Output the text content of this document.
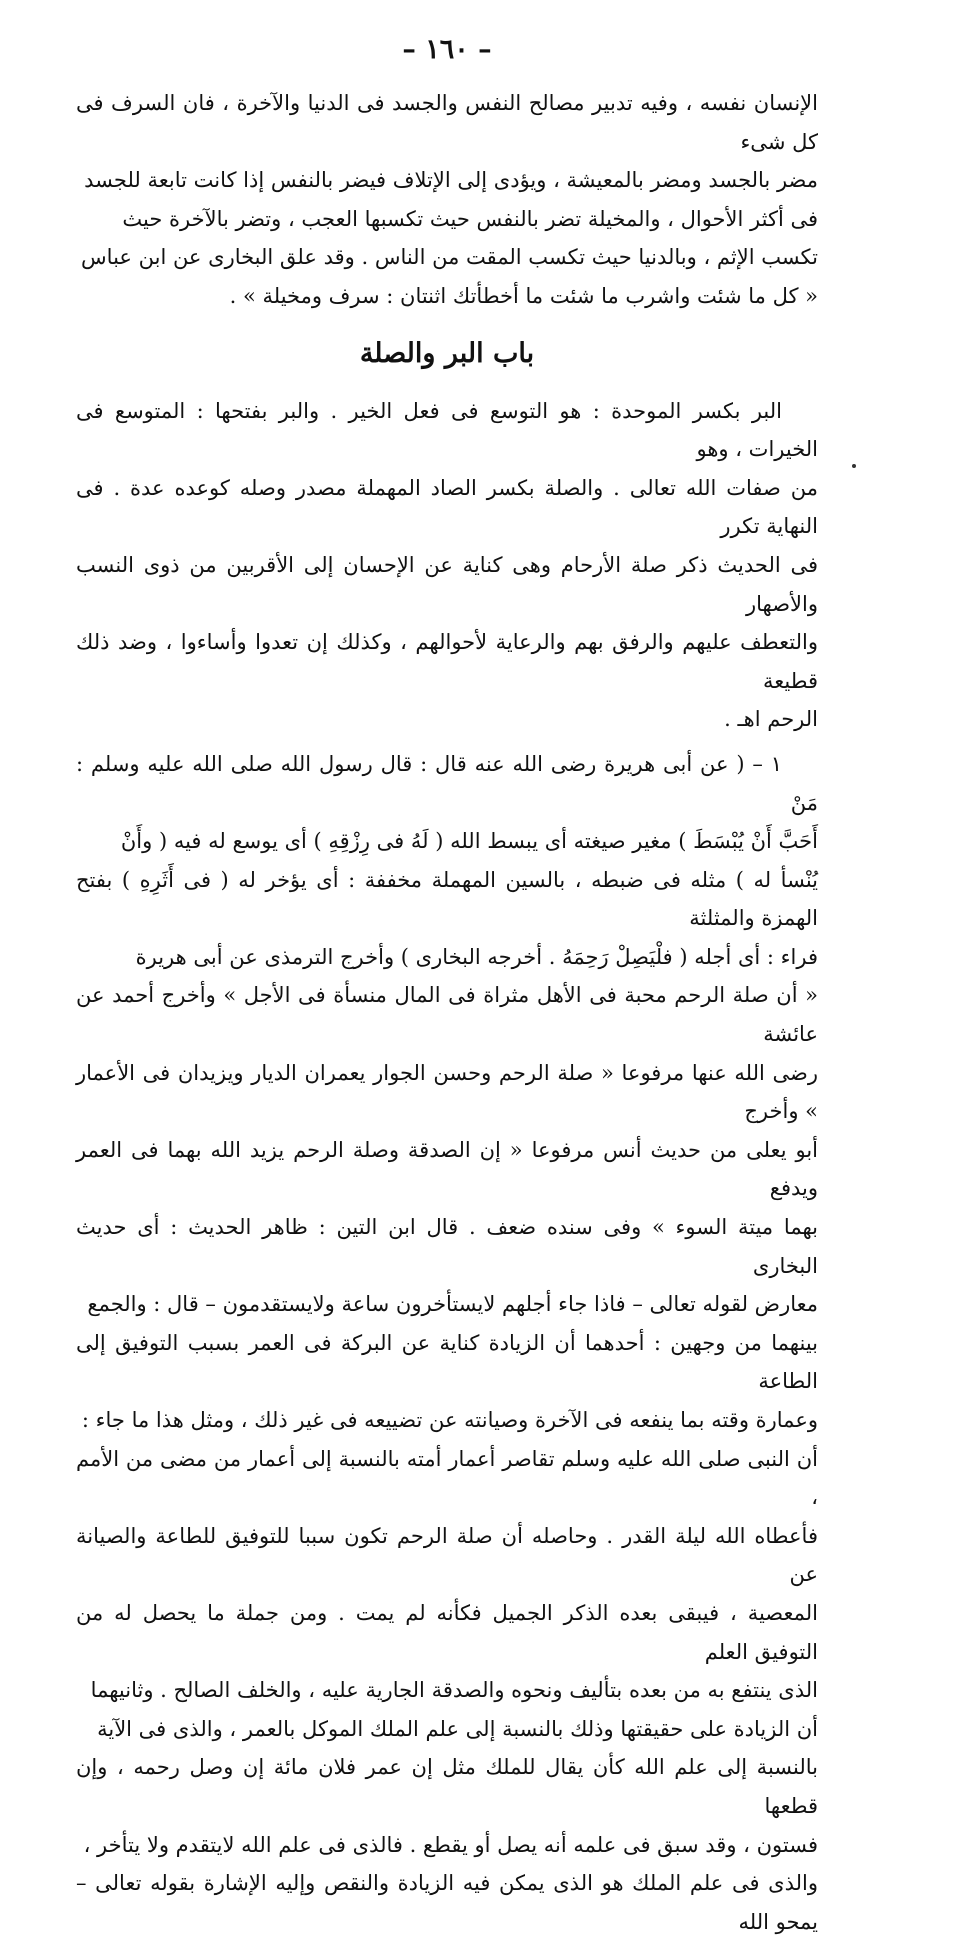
– ١٦٠ –

الإنسان نفسه ، وفيه تدبير مصالح النفس والجسد فى الدنيا والآخرة ، فان السرف فى كل شىء

مضر بالجسد ومضر بالمعيشة ، ويؤدى إلى الإتلاف فيضر بالنفس إذا كانت تابعة للجسد

فى أكثر الأحوال ، والمخيلة تضر بالنفس حيث تكسبها العجب ، وتضر بالآخرة حيث

تكسب الإثم ، وبالدنيا حيث تكسب المقت من الناس . وقد علق البخارى عن ابن عباس

« كل ما شئت واشرب ما شئت ما أخطأتك اثنتان : سرف ومخيلة » .

باب البر والصلة

البر بكسر الموحدة : هو التوسع فى فعل الخير . والبر بفتحها : المتوسع فى الخيرات ، وهو

من صفات الله تعالى . والصلة بكسر الصاد المهملة مصدر وصله كوعده عدة . فى النهاية تكرر

فى الحديث ذكر صلة الأرحام وهى كناية عن الإحسان إلى الأقربين من ذوى النسب والأصهار

والتعطف عليهم والرفق بهم والرعاية لأحوالهم ، وكذلك إن تعدوا وأساءوا ، وضد ذلك قطيعة

الرحم اهـ .

١ – ( عن أبى هريرة رضى الله عنه قال : قال رسول الله صلى الله عليه وسلم : مَنْ

أَحَبَّ أَنْ يُبْسَطَ ) مغير صيغته أى يبسط الله ( لَهُ فى رِزْقِهِ ) أى يوسع له فيه ( وأَنْ

يُنْسأ له ) مثله فى ضبطه ، بالسين المهملة مخففة : أى يؤخر له ( فى أَثَرِهِ ) بفتح الهمزة والمثلثة

فراء : أى أجله ( فلْيَصِلْ رَحِمَهُ . أخرجه البخارى ) وأخرج الترمذى عن أبى هريرة

« أن صلة الرحم محبة فى الأهل مثراة فى المال منسأة فى الأجل » وأخرج أحمد عن عائشة

رضى الله عنها مرفوعا « صلة الرحم وحسن الجوار يعمران الديار ويزيدان فى الأعمار » وأخرج

أبو يعلى من حديث أنس مرفوعا « إن الصدقة وصلة الرحم يزيد الله بهما فى العمر ويدفع

بهما ميتة السوء » وفى سنده ضعف . قال ابن التين : ظاهر الحديث : أى حديث البخارى

معارض لقوله تعالى – فاذا جاء أجلهم لايستأخرون ساعة ولايستقدمون – قال : والجمع

بينهما من وجهين : أحدهما أن الزيادة كناية عن البركة فى العمر بسبب التوفيق إلى الطاعة

وعمارة وقته بما ينفعه فى الآخرة وصيانته عن تضييعه فى غير ذلك ، ومثل هذا ما جاء :

أن النبى صلى الله عليه وسلم تقاصر أعمار أمته بالنسبة إلى أعمار من مضى من الأمم ،

فأعطاه الله ليلة القدر . وحاصله أن صلة الرحم تكون سببا للتوفيق للطاعة والصيانة عن

المعصية ، فيبقى بعده الذكر الجميل فكأنه لم يمت . ومن جملة ما يحصل له من التوفيق العلم

الذى ينتفع به من بعده بتأليف ونحوه والصدقة الجارية عليه ، والخلف الصالح . وثانيهما

أن الزيادة على حقيقتها وذلك بالنسبة إلى علم الملك الموكل بالعمر ، والذى فى الآية

بالنسبة إلى علم الله كأن يقال للملك مثل إن عمر فلان مائة إن وصل رحمه ، وإن قطعها

فستون ، وقد سبق فى علمه أنه يصل أو يقطع . فالذى فى علم الله لايتقدم ولا يتأخر ،

والذى فى علم الملك هو الذى يمكن فيه الزيادة والنقص وإليه الإشارة بقوله تعالى – يمحو الله
